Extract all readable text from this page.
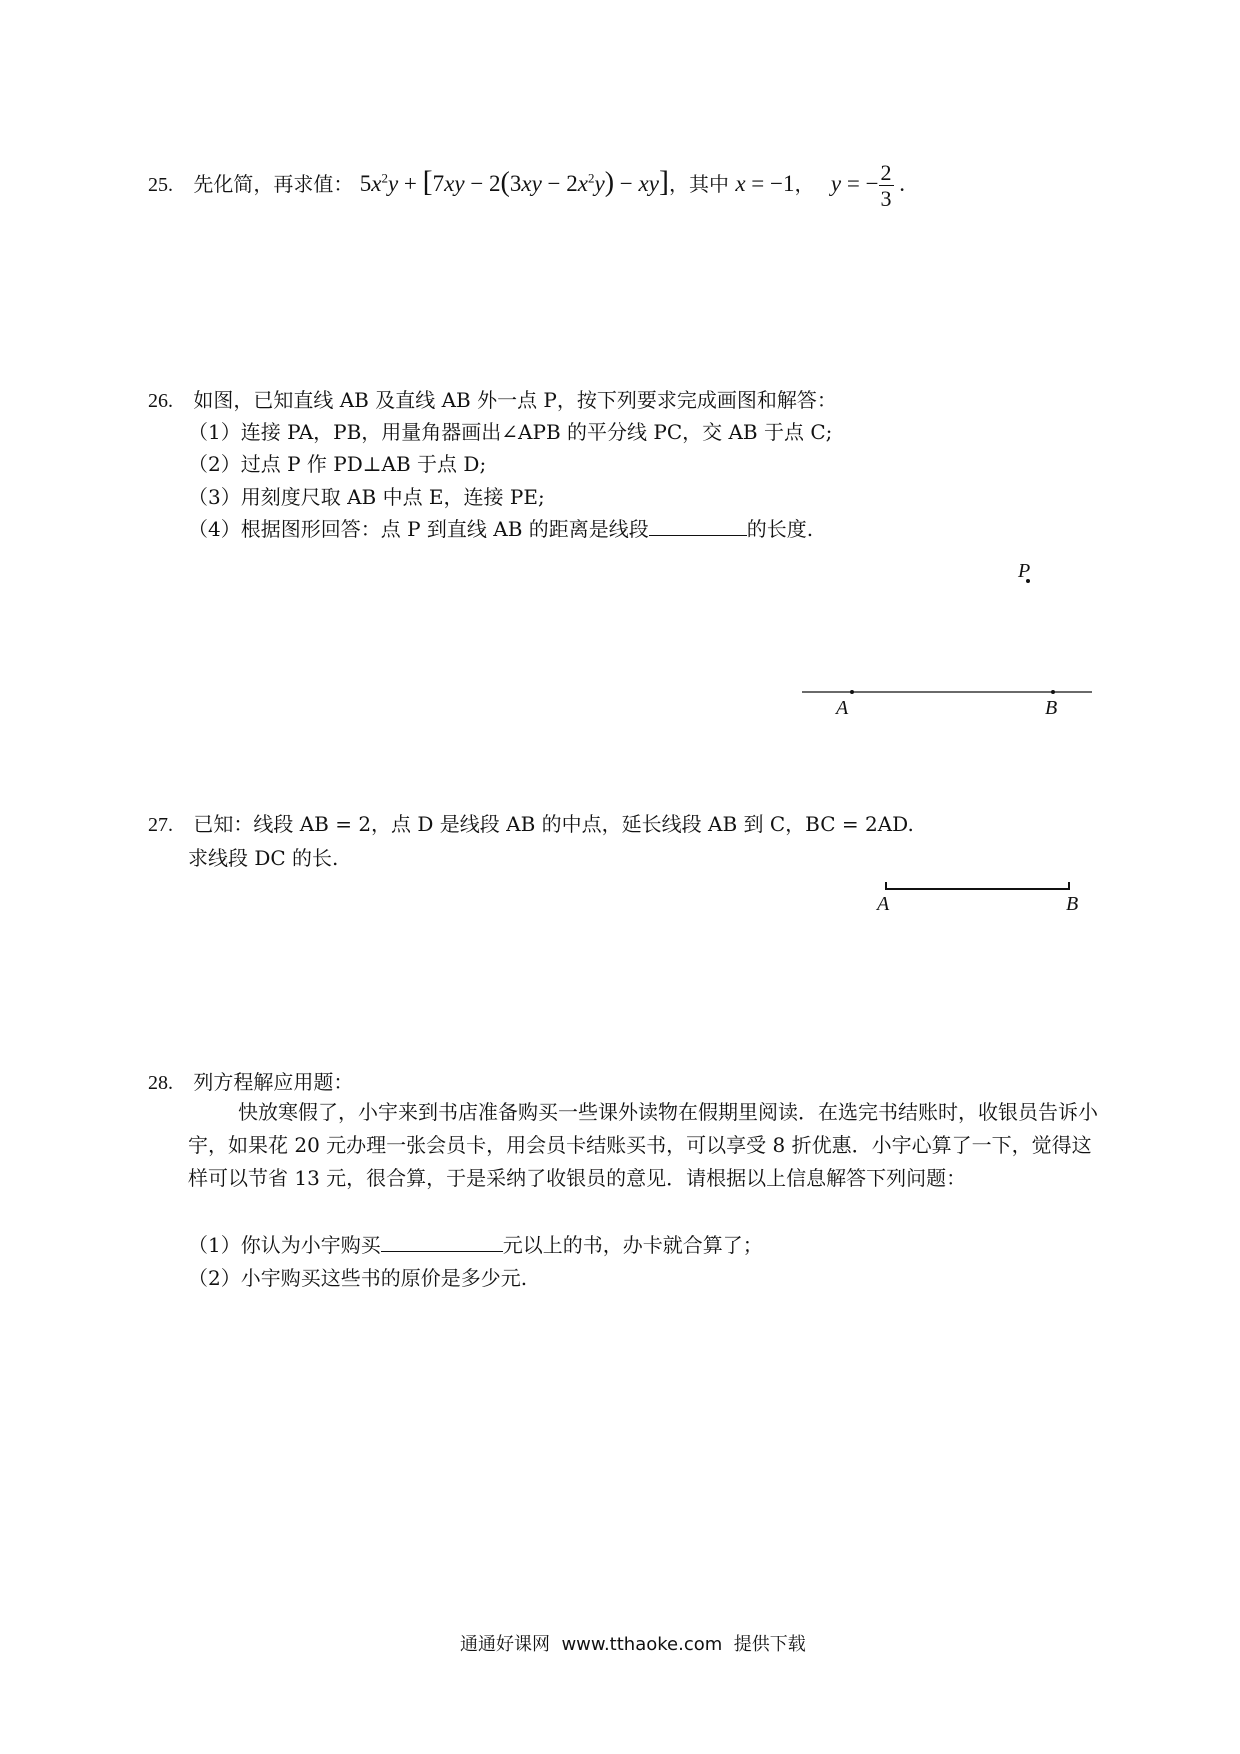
25. 先化简，再求值： $5x^2y + [7xy - 2(3xy - 2x^2y) - xy]$，其中 x = −1， y = − $\frac{2}{3}$ .
26. 如图，已知直线 AB 及直线 AB 外一点 P，按下列要求完成画图和解答：
（1）连接 PA，PB，用量角器画出∠APB 的平分线 PC，交 AB 于点 C;
（2）过点 P 作 PD⊥AB 于点 D;
（3）用刻度尺取 AB 中点 E，连接 PE;
（4）根据图形回答：点 P 到直线 AB 的距离是线段	的长度.
P
A	B
27. 已知：线段 AB = 2，点 D 是线段 AB 的中点，延长线段 AB 到 C，BC = 2AD.
求线段 DC 的长.
A	B
28. 列方程解应用题：
快放寒假了，小宇来到书店准备购买一些课外读物在假期里阅读．在选完书结账时，收银员告诉小宇，如果花 20 元办理一张会员卡，用会员卡结账买书，可以享受 8 折优惠．小宇心算了一下，觉得这样可以节省 13 元，很合算，于是采纳了收银员的意见．请根据以上信息解答下列问题：
（1）你认为小宇购买	元以上的书，办卡就合算了；
（2）小宇购买这些书的原价是多少元.
通通好课网  www.tthaoke.com  提供下载
